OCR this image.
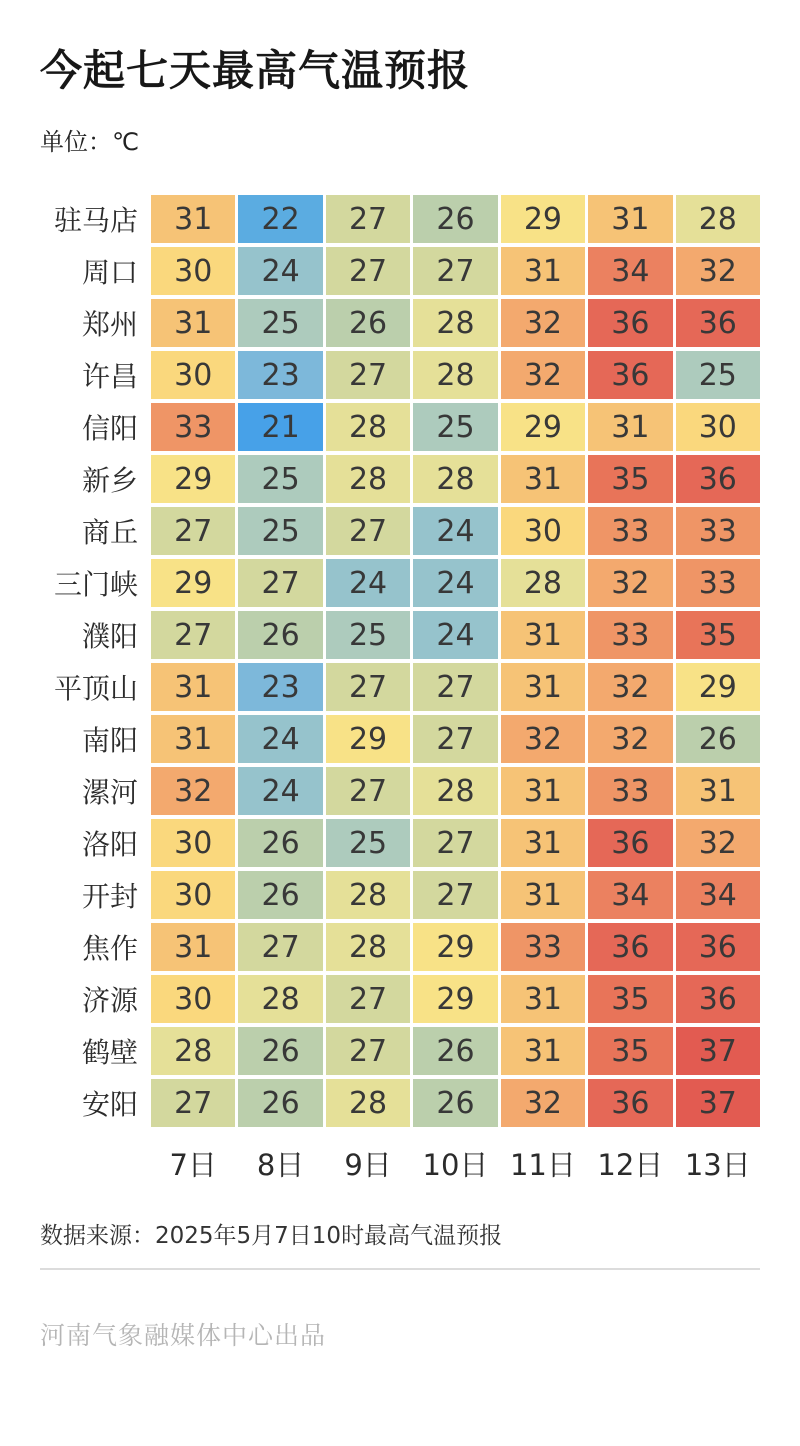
今起七天最高气温预报
单位：℃
驻马店	31	22	27	26	29	31	28
周口	30	24	27	27	31	34	32
郑州	31	25	26	28	32	36	36
许昌	30	23	27	28	32	36	25
信阳	33	21	28	25	29	31	30
新乡	29	25	28	28	31	35	36
商丘	27	25	27	24	30	33	33
三门峡	29	27	24	24	28	32	33
濮阳	27	26	25	24	31	33	35
平顶山	31	23	27	27	31	32	29
南阳	31	24	29	27	32	32	26
漯河	32	24	27	28	31	33	31
洛阳	30	26	25	27	31	36	32
开封	30	26	28	27	31	34	34
焦作	31	27	28	29	33	36	36
济源	30	28	27	29	31	35	36
鹤壁	28	26	27	26	31	35	37
安阳	27	26	28	26	32	36	37
7日	8日	9日	10日 11日 12日 13日
数据来源：2025年5月7日10时最高气温预报
河南气象融媒体中心出品
